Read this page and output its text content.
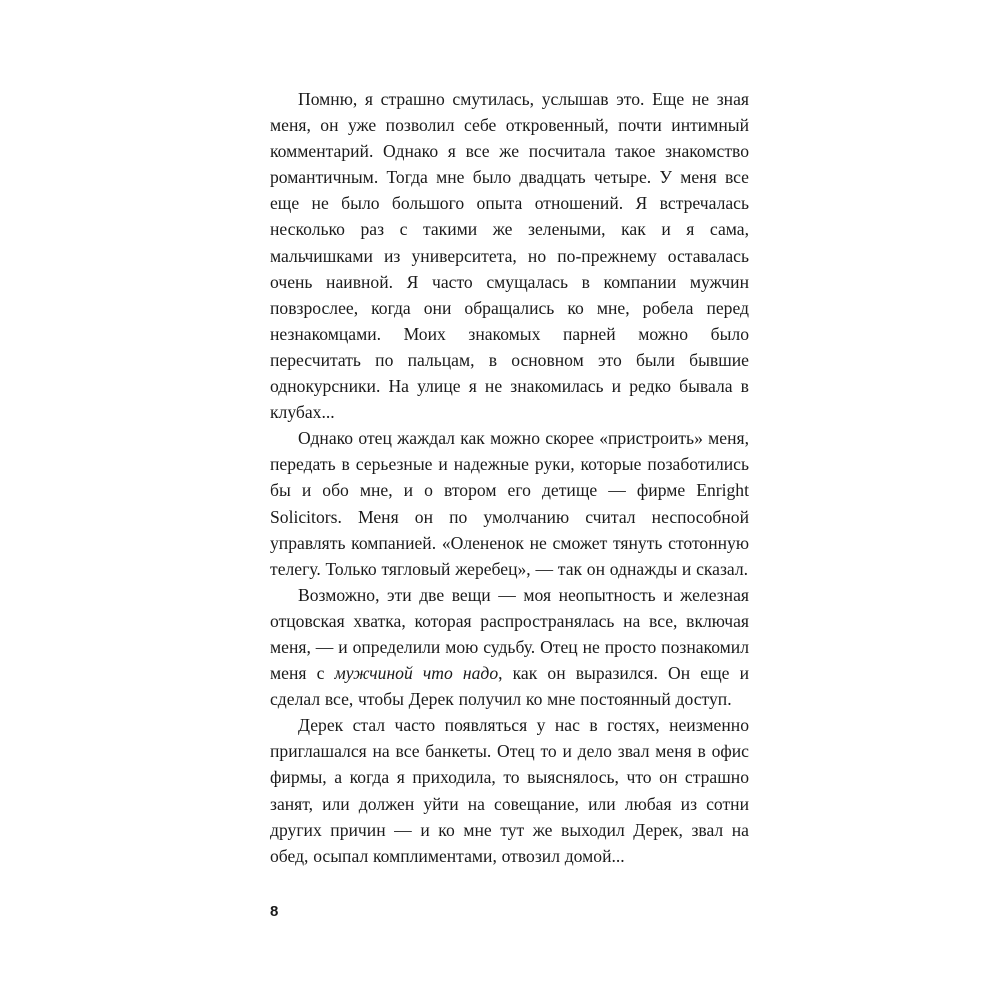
Помню, я страшно смутилась, услышав это. Еще не зная меня, он уже позволил себе откровенный, почти интимный комментарий. Однако я все же посчитала такое знакомство романтичным. Тогда мне было двадцать четыре. У меня все еще не было большого опыта отношений. Я встречалась несколько раз с такими же зелеными, как и я сама, мальчишками из университета, но по-прежнему оставалась очень наивной. Я часто смущалась в компании мужчин повзрослее, когда они обращались ко мне, робела перед незнакомцами. Моих знакомых парней можно было пересчитать по пальцам, в основном это были бывшие однокурсники. На улице я не знакомилась и редко бывала в клубах...

Однако отец жаждал как можно скорее «пристроить» меня, передать в серьезные и надежные руки, которые позаботились бы и обо мне, и о втором его детище — фирме Enright Solicitors. Меня он по умолчанию считал неспособной управлять компанией. «Олененок не сможет тянуть стотонную телегу. Только тягловый жеребец», — так он однажды и сказал.

Возможно, эти две вещи — моя неопытность и железная отцовская хватка, которая распространялась на все, включая меня, — и определили мою судьбу. Отец не просто познакомил меня с мужчиной что надо, как он выразился. Он еще и сделал все, чтобы Дерек получил ко мне постоянный доступ.

Дерек стал часто появляться у нас в гостях, неизменно приглашался на все банкеты. Отец то и дело звал меня в офис фирмы, а когда я приходила, то выяснялось, что он страшно занят, или должен уйти на совещание, или любая из сотни других причин — и ко мне тут же выходил Дерек, звал на обед, осыпал комплиментами, отвозил домой...

8
